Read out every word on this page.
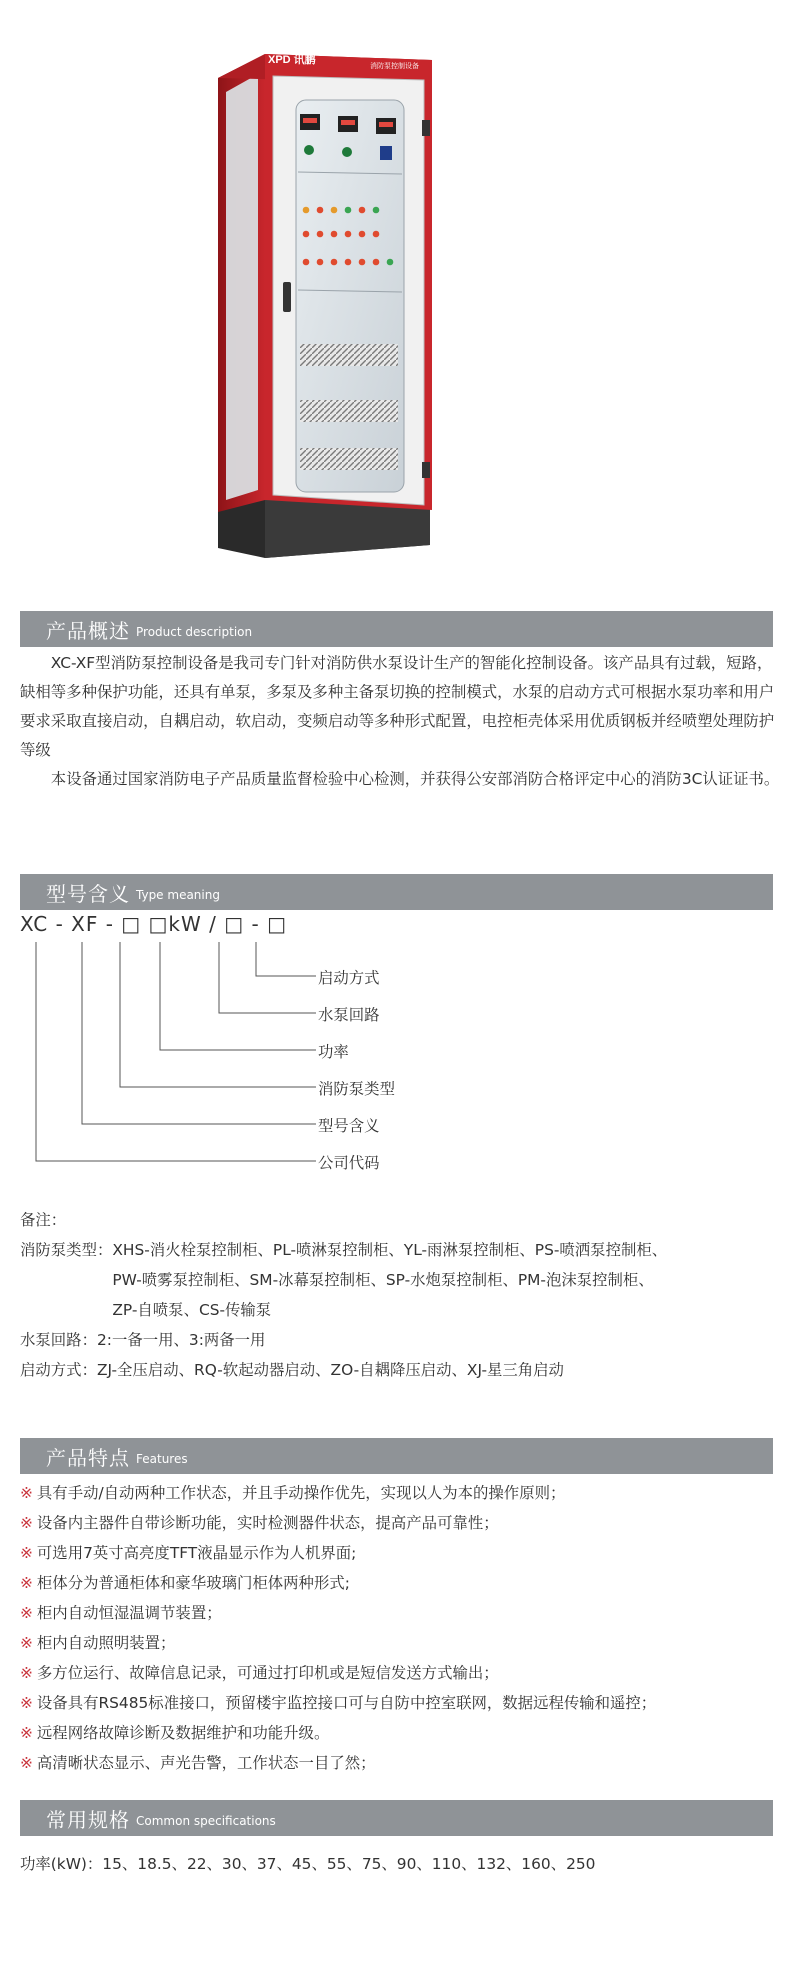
XPD 讯鹏
消防泵控制设备
产品概述 Product description

XC-XF型消防泵控制设备是我司专门针对消防供水泵设计生产的智能化控制设备。该产品具有过载，短路，缺相等多种保护功能，还具有单泵，多泵及多种主备泵切换的控制模式，水泵的启动方式可根据水泵功率和用户要求采取直接启动，自耦启动，软启动，变频启动等多种形式配置，电控柜壳体采用优质钢板并经喷塑处理防护等级

本设备通过国家消防电子产品质量监督检验中心检测，并获得公安部消防合格评定中心的消防3C认证证书。

型号含义 Type meaning
XC - XF - □ □kW / □ - □
启动方式
水泵回路
功率
消防泵类型
型号含义
公司代码
备注：
消防泵类型： XHS-消火栓泵控制柜、PL-喷淋泵控制柜、YL-雨淋泵控制柜、PS-喷洒泵控制柜、
PW-喷雾泵控制柜、SM-冰幕泵控制柜、SP-水炮泵控制柜、PM-泡沫泵控制柜、
ZP-自喷泵、CS-传输泵
水泵回路： 2:一备一用、3:两备一用
启动方式： ZJ-全压启动、RQ-软起动器启动、ZO-自耦降压启动、XJ-星三角启动
产品特点 Features
※ 具有手动/自动两种工作状态，并且手动操作优先，实现以人为本的操作原则；
※ 设备内主器件自带诊断功能，实时检测器件状态，提高产品可靠性；
※ 可选用7英寸高亮度TFT液晶显示作为人机界面;
※ 柜体分为普通柜体和豪华玻璃门柜体两种形式;
※ 柜内自动恒湿温调节装置；
※ 柜内自动照明装置；
※ 多方位运行、故障信息记录，可通过打印机或是短信发送方式输出；
※ 设备具有RS485标准接口，预留楼宇监控接口可与自防中控室联网，数据远程传输和遥控；
※ 远程网络故障诊断及数据维护和功能升级。
※ 高清晰状态显示、声光告警，工作状态一目了然；
常用规格 Common specifications
功率(kW)：15、18.5、22、30、37、45、55、75、90、110、132、160、250
